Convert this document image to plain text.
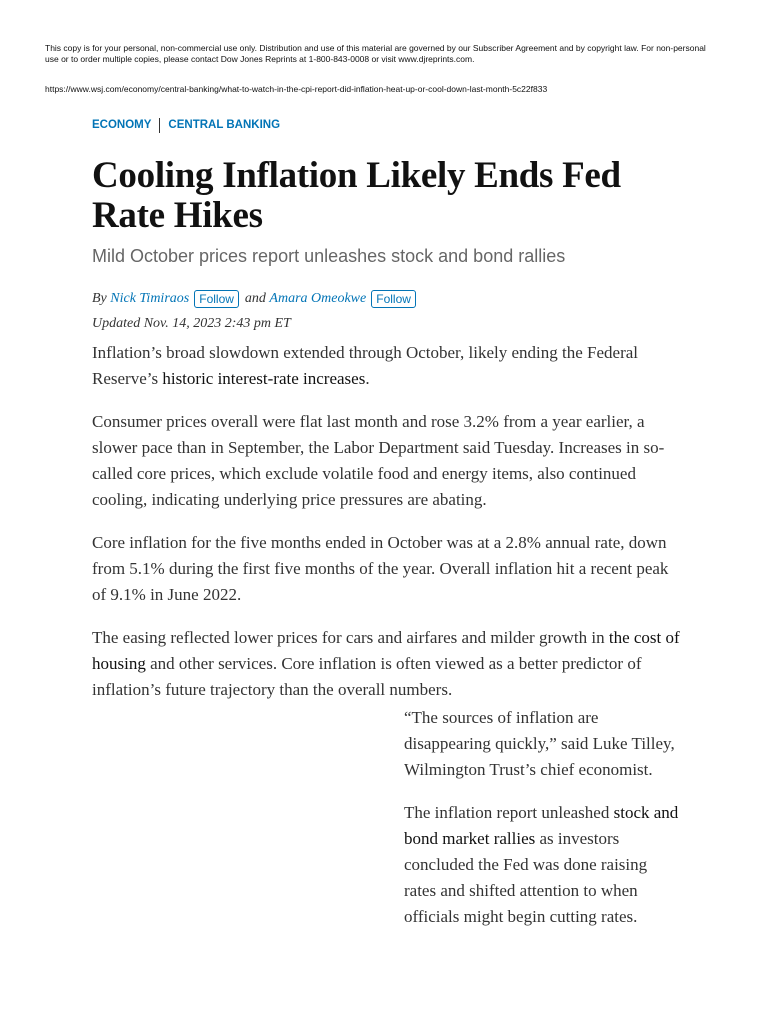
This copy is for your personal, non-commercial use only. Distribution and use of this material are governed by our Subscriber Agreement and by copyright law. For non-personal use or to order multiple copies, please contact Dow Jones Reprints at 1-800-843-0008 or visit www.djreprints.com.

https://www.wsj.com/economy/central-banking/what-to-watch-in-the-cpi-report-did-inflation-heat-up-or-cool-down-last-month-5c22f833

ECONOMY CENTRAL BANKING
Cooling Inflation Likely Ends Fed Rate Hikes

Mild October prices report unleashes stock and bond rallies

By
Nick Timiraos Follow and
Amara Omeokwe Follow

Updated Nov. 14, 2023 2:43 pm ET

Inflation’s broad slowdown extended through October, likely ending the Federal Reserve’s historic interest-rate increases.

Consumer prices overall were flat last month and rose 3.2% from a year earlier, a slower pace than in September, the Labor Department said Tuesday. Increases in so-called core prices, which exclude volatile food and energy items, also continued cooling, indicating underlying price pressures are abating.

Core inflation for the five months ended in October was at a 2.8% annual rate, down from 5.1% during the first five months of the year. Overall inflation hit a recent peak of 9.1% in June 2022.

The easing reflected lower prices for cars and airfares and milder growth in the cost of housing and other services. Core inflation is often viewed as a better predictor of inflation’s future trajectory than the overall numbers.

“The sources of inflation are disappearing quickly,” said Luke Tilley, Wilmington Trust’s chief economist.

The inflation report unleashed stock and bond market rallies as investors concluded the Fed was done raising rates and shifted attention to when officials might begin cutting rates.
